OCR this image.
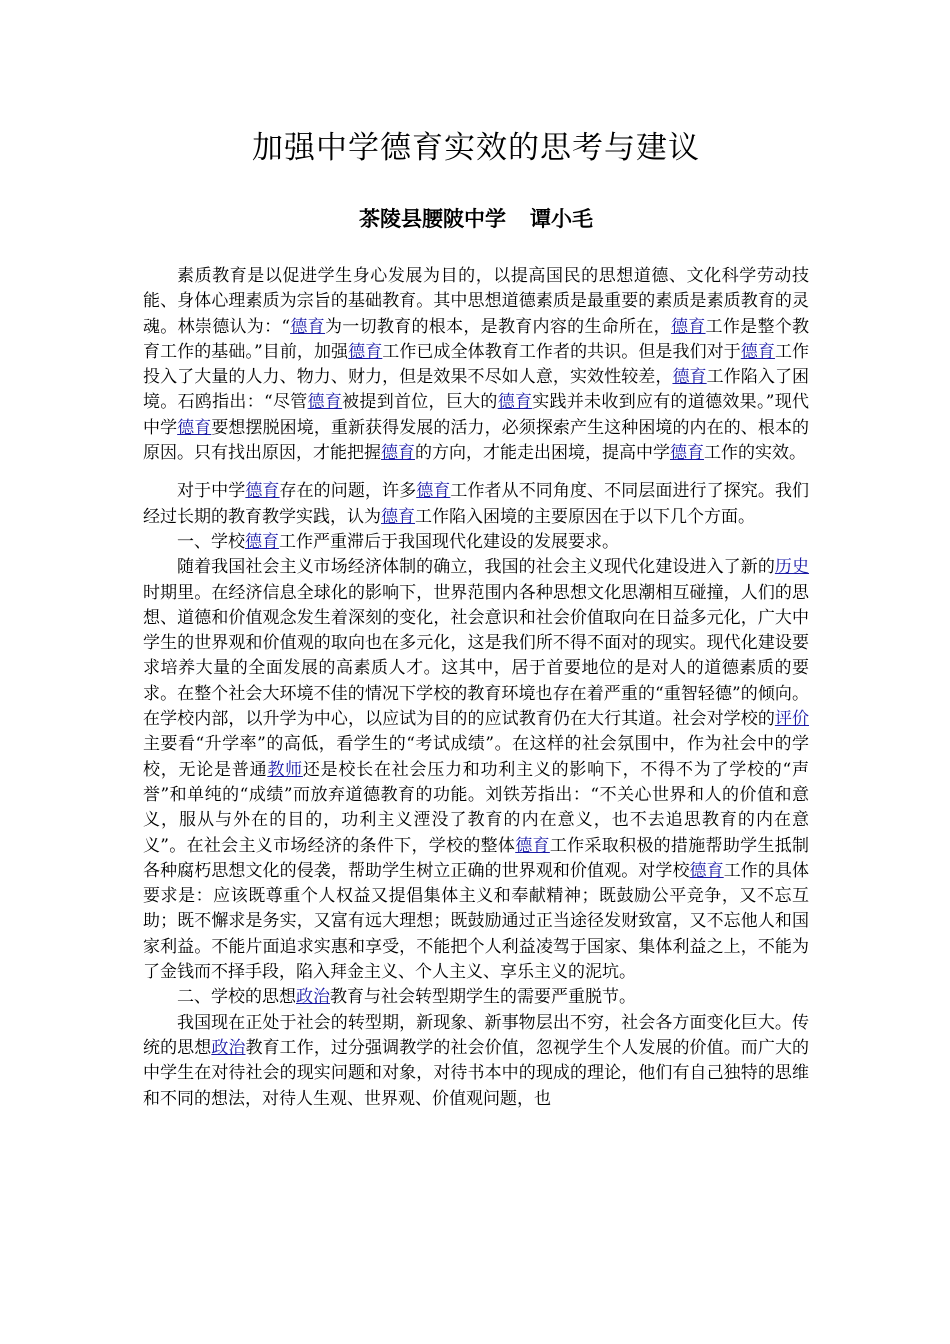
加强中学德育实效的思考与建议
茶陵县腰陂中学 谭小毛

素质教育是以促进学生身心发展为目的，以提高国民的思想道德、文化科学劳动技能、身体心理素质为宗旨的基础教育。其中思想道德素质是最重要的素质是素质教育的灵魂。林崇德认为：“德育为一切教育的根本，是教育内容的生命所在，德育工作是整个教育工作的基础。”目前，加强德育工作已成全体教育工作者的共识。但是我们对于德育工作投入了大量的人力、物力、财力，但是效果不尽如人意，实效性较差，德育工作陷入了困境。石鸥指出：“尽管德育被提到首位，巨大的德育实践并未收到应有的道德效果。”现代中学德育要想摆脱困境，重新获得发展的活力，必须探索产生这种困境的内在的、根本的原因。只有找出原因，才能把握德育的方向，才能走出困境，提高中学德育工作的实效。

对于中学德育存在的问题，许多德育工作者从不同角度、不同层面进行了探究。我们经过长期的教育教学实践，认为德育工作陷入困境的主要原因在于以下几个方面。

一、学校德育工作严重滞后于我国现代化建设的发展要求。

随着我国社会主义市场经济体制的确立，我国的社会主义现代化建设进入了新的历史时期里。在经济信息全球化的影响下，世界范围内各种思想文化思潮相互碰撞，人们的思想、道德和价值观念发生着深刻的变化，社会意识和社会价值取向在日益多元化，广大中学生的世界观和价值观的取向也在多元化，这是我们所不得不面对的现实。现代化建设要求培养大量的全面发展的高素质人才。这其中，居于首要地位的是对人的道德素质的要求。在整个社会大环境不佳的情况下学校的教育环境也存在着严重的“重智轻德”的倾向。在学校内部，以升学为中心，以应试为目的的应试教育仍在大行其道。社会对学校的评价主要看“升学率”的高低，看学生的“考试成绩”。在这样的社会氛围中，作为社会中的学校，无论是普通教师还是校长在社会压力和功利主义的影响下，不得不为了学校的“声誉”和单纯的“成绩”而放弃道德教育的功能。刘铁芳指出：“不关心世界和人的价值和意义，服从与外在的目的，功利主义湮没了教育的内在意义，也不去追思教育的内在意义”。在社会主义市场经济的条件下，学校的整体德育工作采取积极的措施帮助学生抵制各种腐朽思想文化的侵袭，帮助学生树立正确的世界观和价值观。对学校德育工作的具体要求是：应该既尊重个人权益又提倡集体主义和奉献精神；既鼓励公平竞争，又不忘互助；既不懈求是务实，又富有远大理想；既鼓励通过正当途径发财致富，又不忘他人和国家利益。不能片面追求实惠和享受，不能把个人利益凌驾于国家、集体利益之上，不能为了金钱而不择手段，陷入拜金主义、个人主义、享乐主义的泥坑。

二、学校的思想政治教育与社会转型期学生的需要严重脱节。

我国现在正处于社会的转型期，新现象、新事物层出不穷，社会各方面变化巨大。传统的思想政治教育工作，过分强调教学的社会价值，忽视学生个人发展的价值。而广大的中学生在对待社会的现实问题和对象，对待书本中的现成的理论，他们有自己独特的思维和不同的想法，对待人生观、世界观、价值观问题，也
